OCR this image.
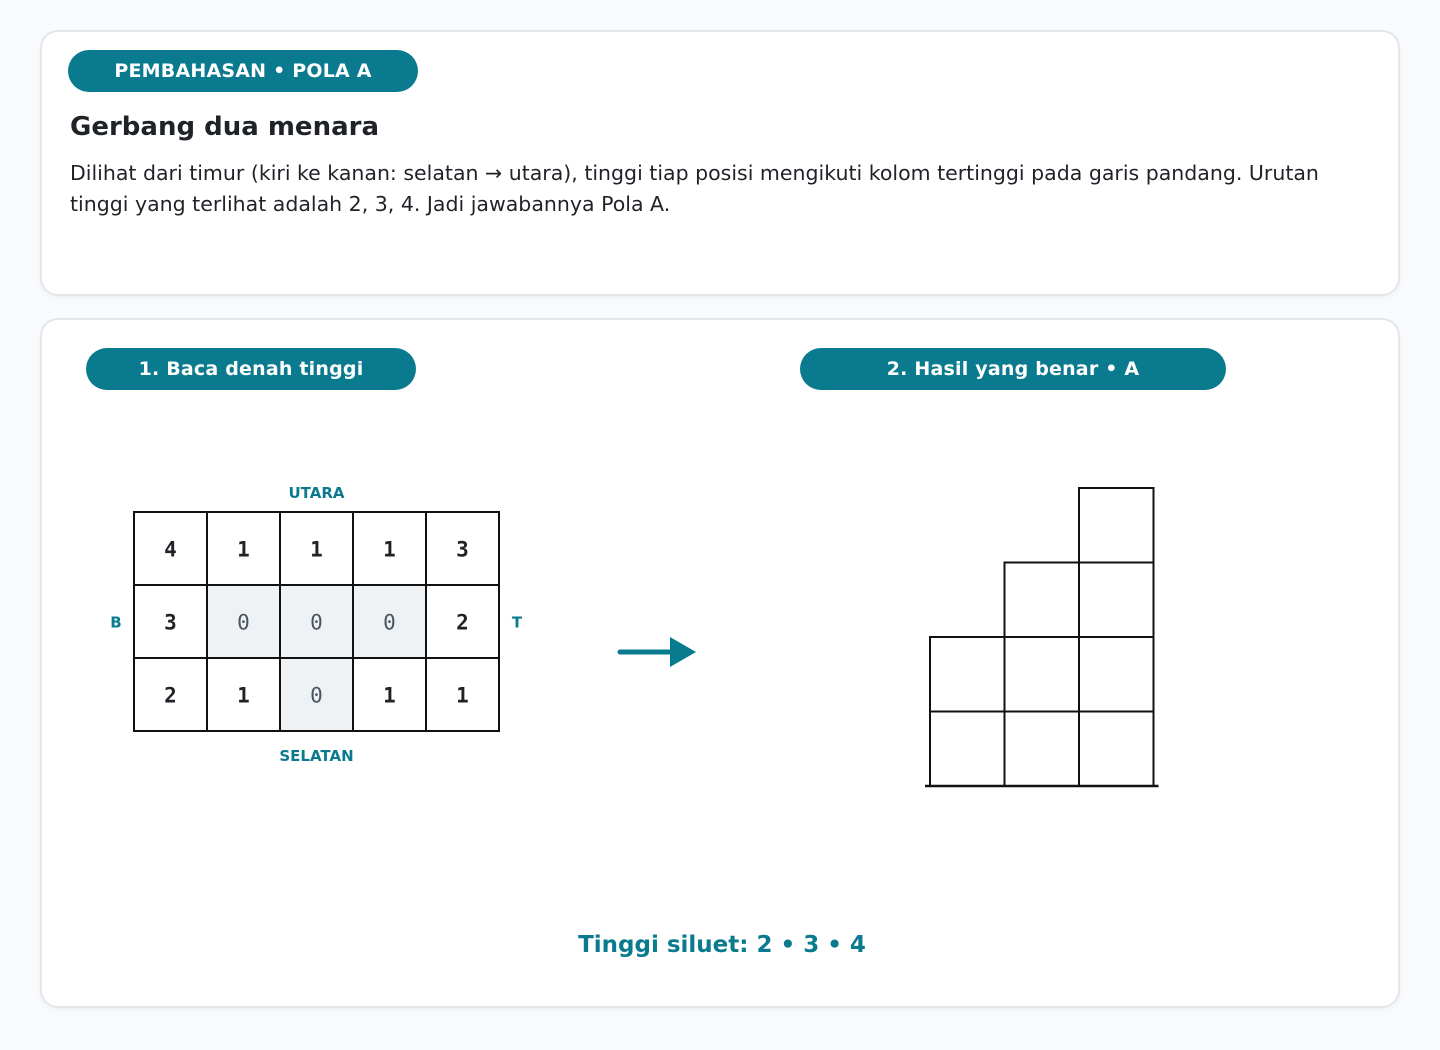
PEMBAHASAN • POLA A
Gerbang dua menara
Dilihat dari timur (kiri ke kanan: selatan → utara), tinggi tiap posisi mengikuti kolom tertinggi pada garis pandang. Urutan tinggi yang terlihat adalah 2, 3, 4. Jadi jawabannya Pola A.
1. Baca denah tinggi	2. Hasil yang benar • A
4	1	1	1	3
3	0	0	0	2
2	1	0	1	1
UTARA
SELATAN
B	T
Tinggi siluet: 2 • 3 • 4
